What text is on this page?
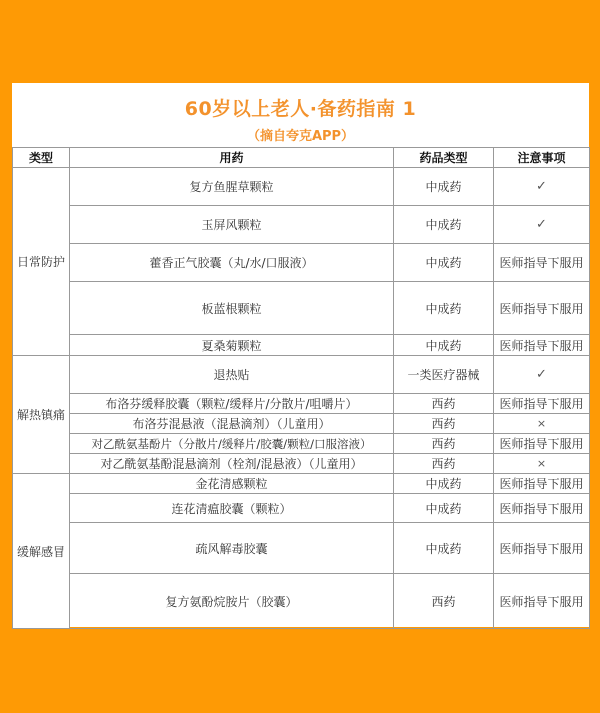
60岁以上老人·备药指南 1
（摘自夸克APP）
类型	用药	药品类型	注意事项
日常防护	复方鱼腥草颗粒	中成药	✓
	玉屏风颗粒	中成药	✓
	藿香正气胶囊（丸/水/口服液）	中成药	医师指导下服用
	板蓝根颗粒	中成药	医师指导下服用
	夏桑菊颗粒	中成药	医师指导下服用
解热镇痛	退热贴	一类医疗器械	✓
	布洛芬缓释胶囊（颗粒/缓释片/分散片/咀嚼片）	西药	医师指导下服用
	布洛芬混悬液（混悬滴剂）（儿童用）	西药	×
	对乙酰氨基酚片（分散片/缓释片/胶囊/颗粒/口服溶液）	西药	医师指导下服用
	对乙酰氨基酚混悬滴剂（栓剂/混悬液）（儿童用）	西药	×
缓解感冒	金花清感颗粒	中成药	医师指导下服用
	连花清瘟胶囊（颗粒）	中成药	医师指导下服用
	疏风解毒胶囊	中成药	医师指导下服用
	复方氨酚烷胺片（胶囊）	西药	医师指导下服用
